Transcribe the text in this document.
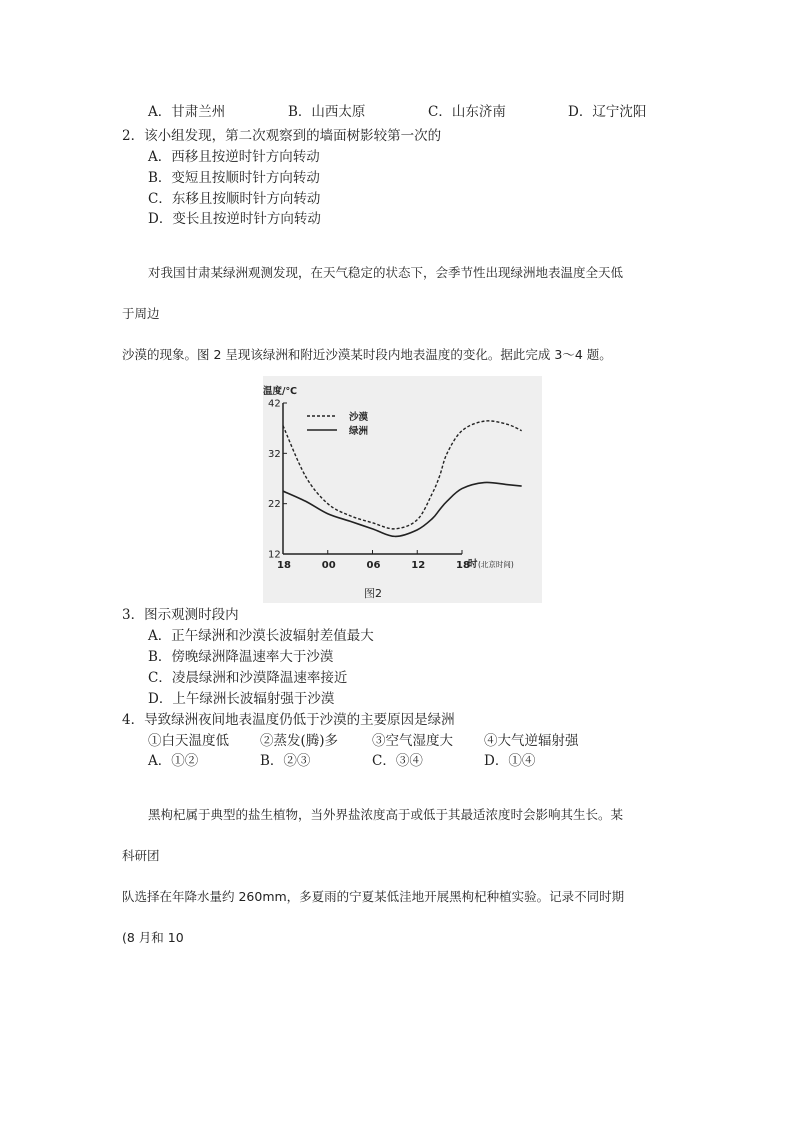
A．甘肃兰州	B．山西太原	C．山东济南	D．辽宁沈阳
2．该小组发现，第二次观察到的墙面树影较第一次的
A．西移且按逆时针方向转动
B．变短且按顺时针方向转动
C．东移且按顺时针方向转动
D．变长且按逆时针方向转动
对我国甘肃某绿洲观测发现，在天气稳定的状态下，会季节性出现绿洲地表温度全天低
于周边
沙漠的现象。图 2 呈现该绿洲和附近沙漠某时段内地表温度的变化。据此完成 3～4 题。
温度/℃
42
32
22
12
18	00	06	12	18
时 (北京时间)
沙漠
绿洲
图2
3．图示观测时段内
A．正午绿洲和沙漠长波辐射差值最大
B．傍晚绿洲降温速率大于沙漠
C．凌晨绿洲和沙漠降温速率接近
D．上午绿洲长波辐射强于沙漠
4．导致绿洲夜间地表温度仍低于沙漠的主要原因是绿洲
①白天温度低 ②蒸发(腾)多	③空气湿度大 ④大气逆辐射强
A．①②	B．②③	C．③④	D．①④
黑枸杞属于典型的盐生植物，当外界盐浓度高于或低于其最适浓度时会影响其生长。某
科研团
队选择在年降水量约 260mm，多夏雨的宁夏某低洼地开展黑枸杞种植实验。记录不同时期
(8 月和 10
